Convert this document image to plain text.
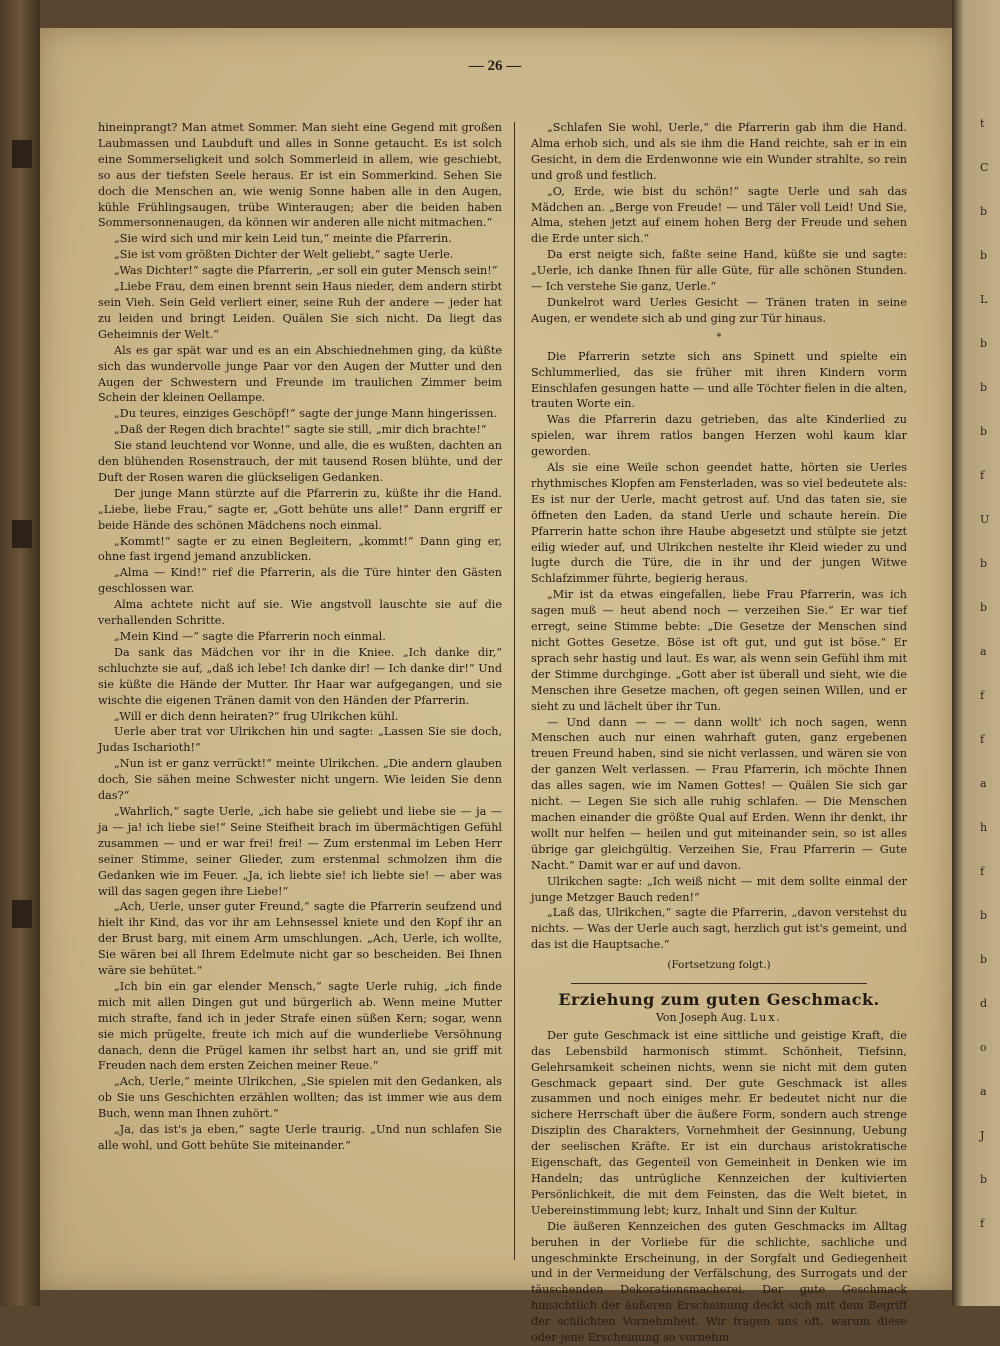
t
C
b
b
L
b
b
b
f
U
b
b
a
f
f
a
h
f
b
b
d
o
a
J
b
f
— 26 —

hineinprangt? Man atmet Sommer. Man sieht eine Gegend mit großen Laubmassen und Laubduft und alles in Sonne getaucht. Es ist solch eine Sommerseligkeit und solch Sommerleid in allem, wie geschiebt, so aus der tiefsten Seele heraus. Er ist ein Sommerkind. Sehen Sie doch die Menschen an, wie wenig Sonne haben alle in den Augen, kühle Frühlingsaugen, trübe Winteraugen; aber die beiden haben Sommersonnenaugen, da können wir anderen alle nicht mitmachen.“

„Sie wird sich und mir kein Leid tun,“ meinte die Pfarrerin.

„Sie ist vom größten Dichter der Welt geliebt,“ sagte Uerle.

„Was Dichter!“ sagte die Pfarrerin, „er soll ein guter Mensch sein!“

„Liebe Frau, dem einen brennt sein Haus nieder, dem andern stirbt sein Vieh. Sein Geld verliert einer, seine Ruh der andere — jeder hat zu leiden und bringt Leiden. Quälen Sie sich nicht. Da liegt das Geheimnis der Welt.“

Als es gar spät war und es an ein Abschiednehmen ging, da küßte sich das wundervolle junge Paar vor den Augen der Mutter und den Augen der Schwestern und Freunde im traulichen Zimmer beim Schein der kleinen Oellampe.

„Du teures, einziges Geschöpf!“ sagte der junge Mann hingerissen.

„Daß der Regen dich brachte!“ sagte sie still, „mir dich brachte!“

Sie stand leuchtend vor Wonne, und alle, die es wußten, dachten an den blühenden Rosenstrauch, der mit tausend Rosen blühte, und der Duft der Rosen waren die glückseligen Gedanken.

Der junge Mann stürzte auf die Pfarrerin zu, küßte ihr die Hand. „Liebe, liebe Frau,“ sagte er, „Gott behüte uns alle!“ Dann ergriff er beide Hände des schönen Mädchens noch einmal.

„Kommt!“ sagte er zu einen Begleitern, „kommt!“ Dann ging er, ohne fast irgend jemand anzublicken.

„Alma — Kind!“ rief die Pfarrerin, als die Türe hinter den Gästen geschlossen war.

Alma achtete nicht auf sie. Wie angstvoll lauschte sie auf die verhallenden Schritte.

„Mein Kind —“ sagte die Pfarrerin noch einmal.

Da sank das Mädchen vor ihr in die Kniee. „Ich danke dir,“ schluchzte sie auf, „daß ich lebe! Ich danke dir! — Ich danke dir!“ Und sie küßte die Hände der Mutter. Ihr Haar war aufgegangen, und sie wischte die eigenen Tränen damit von den Händen der Pfarrerin.

„Will er dich denn heiraten?“ frug Ulrikchen kühl.

Uerle aber trat vor Ulrikchen hin und sagte: „Lassen Sie sie doch, Judas Ischarioth!“

„Nun ist er ganz verrückt!“ meinte Ulrikchen. „Die andern glauben doch, Sie sähen meine Schwester nicht ungern. Wie leiden Sie denn das?“

„Wahrlich,“ sagte Uerle, „ich habe sie geliebt und liebe sie — ja — ja — ja! ich liebe sie!“ Seine Steifheit brach im übermächtigen Gefühl zusammen — und er war frei! frei! — Zum erstenmal im Leben Herr seiner Stimme, seiner Glieder, zum erstenmal schmolzen ihm die Gedanken wie im Feuer. „Ja, ich liebte sie! ich liebte sie! — aber was will das sagen gegen ihre Liebe!“

„Ach, Uerle, unser guter Freund,“ sagte die Pfarrerin seufzend und hielt ihr Kind, das vor ihr am Lehnsessel kniete und den Kopf ihr an der Brust barg, mit einem Arm umschlungen. „Ach, Uerle, ich wollte, Sie wären bei all Ihrem Edelmute nicht gar so bescheiden. Bei Ihnen wäre sie behütet.“

„Ich bin ein gar elender Mensch,“ sagte Uerle ruhig, „ich finde mich mit allen Dingen gut und bürgerlich ab. Wenn meine Mutter mich strafte, fand ich in jeder Strafe einen süßen Kern; sogar, wenn sie mich prügelte, freute ich mich auf die wunderliebe Versöhnung danach, denn die Prügel kamen ihr selbst hart an, und sie griff mit Freuden nach dem ersten Zeichen meiner Reue.“

„Ach, Uerle,“ meinte Ulrikchen, „Sie spielen mit den Gedanken, als ob Sie uns Geschichten erzählen wollten; das ist immer wie aus dem Buch, wenn man Ihnen zuhört.“

„Ja, das ist's ja eben,“ sagte Uerle traurig. „Und nun schlafen Sie alle wohl, und Gott behüte Sie miteinander.“

„Schlafen Sie wohl, Uerle,“ die Pfarrerin gab ihm die Hand. Alma erhob sich, und als sie ihm die Hand reichte, sah er in ein Gesicht, in dem die Erdenwonne wie ein Wunder strahlte, so rein und groß und festlich.

„O, Erde, wie bist du schön!“ sagte Uerle und sah das Mädchen an. „Berge von Freude! — und Täler voll Leid! Und Sie, Alma, stehen jetzt auf einem hohen Berg der Freude und sehen die Erde unter sich.“

Da erst neigte sich, faßte seine Hand, küßte sie und sagte: „Uerle, ich danke Ihnen für alle Güte, für alle schönen Stunden. — Ich verstehe Sie ganz, Uerle.“

Dunkelrot ward Uerles Gesicht — Tränen traten in seine Augen, er wendete sich ab und ging zur Tür hinaus.

*

Die Pfarrerin setzte sich ans Spinett und spielte ein Schlummerlied, das sie früher mit ihren Kindern vorm Einschlafen gesungen hatte — und alle Töchter fielen in die alten, trauten Worte ein.

Was die Pfarrerin dazu getrieben, das alte Kinderlied zu spielen, war ihrem ratlos bangen Herzen wohl kaum klar geworden.

Als sie eine Weile schon geendet hatte, hörten sie Uerles rhythmisches Klopfen am Fensterladen, was so viel bedeutete als: Es ist nur der Uerle, macht getrost auf. Und das taten sie, sie öffneten den Laden, da stand Uerle und schaute herein. Die Pfarrerin hatte schon ihre Haube abgesetzt und stülpte sie jetzt eilig wieder auf, und Ulrikchen nestelte ihr Kleid wieder zu und lugte durch die Türe, die in ihr und der jungen Witwe Schlafzimmer führte, begierig heraus.

„Mir ist da etwas eingefallen, liebe Frau Pfarrerin, was ich sagen muß — heut abend noch — verzeihen Sie.“ Er war tief erregt, seine Stimme bebte: „Die Gesetze der Menschen sind nicht Gottes Gesetze. Böse ist oft gut, und gut ist böse.“ Er sprach sehr hastig und laut. Es war, als wenn sein Gefühl ihm mit der Stimme durchginge. „Gott aber ist überall und sieht, wie die Menschen ihre Gesetze machen, oft gegen seinen Willen, und er sieht zu und lächelt über ihr Tun.

— Und dann — — — dann wollt' ich noch sagen, wenn Menschen auch nur einen wahrhaft guten, ganz ergebenen treuen Freund haben, sind sie nicht verlassen, und wären sie von der ganzen Welt verlassen. — Frau Pfarrerin, ich möchte Ihnen das alles sagen, wie im Namen Gottes! — Quälen Sie sich gar nicht. — Legen Sie sich alle ruhig schlafen. — Die Menschen machen einander die größte Qual auf Erden. Wenn ihr denkt, ihr wollt nur helfen — heilen und gut miteinander sein, so ist alles übrige gar gleichgültig. Verzeihen Sie, Frau Pfarrerin — Gute Nacht.“ Damit war er auf und davon.

Ulrikchen sagte: „Ich weiß nicht — mit dem sollte einmal der junge Metzger Bauch reden!“

„Laß das, Ulrikchen,“ sagte die Pfarrerin, „davon verstehst du nichts. — Was der Uerle auch sagt, herzlich gut ist's gemeint, und das ist die Hauptsache.“

(Fortsetzung folgt.)
Erziehung zum guten Geschmack.
Von Joseph Aug. Lux.

Der gute Geschmack ist eine sittliche und geistige Kraft, die das Lebensbild harmonisch stimmt. Schönheit, Tiefsinn, Gelehrsamkeit scheinen nichts, wenn sie nicht mit dem guten Geschmack gepaart sind. Der gute Geschmack ist alles zusammen und noch einiges mehr. Er bedeutet nicht nur die sichere Herrschaft über die äußere Form, sondern auch strenge Disziplin des Charakters, Vornehmheit der Gesinnung, Uebung der seelischen Kräfte. Er ist ein durchaus aristokratische Eigenschaft, das Gegenteil von Gemeinheit in Denken wie im Handeln; das untrügliche Kennzeichen der kultivierten Persönlichkeit, die mit dem Feinsten, das die Welt bietet, in Uebereinstimmung lebt; kurz, Inhalt und Sinn der Kultur.

Die äußeren Kennzeichen des guten Geschmacks im Alltag beruhen in der Vorliebe für die schlichte, sachliche und ungeschminkte Erscheinung, in der Sorgfalt und Gediegenheit und in der Vermeidung der Verfälschung, des Surrogats und der täuschenden Dekorationsmacherei. Der gute Geschmack hinsichtlich der äußeren Erscheinung deckt sich mit dem Begriff der schlichten Vornehmheit. Wir fragen uns oft, warum diese oder jene Erscheinung so vornehm
